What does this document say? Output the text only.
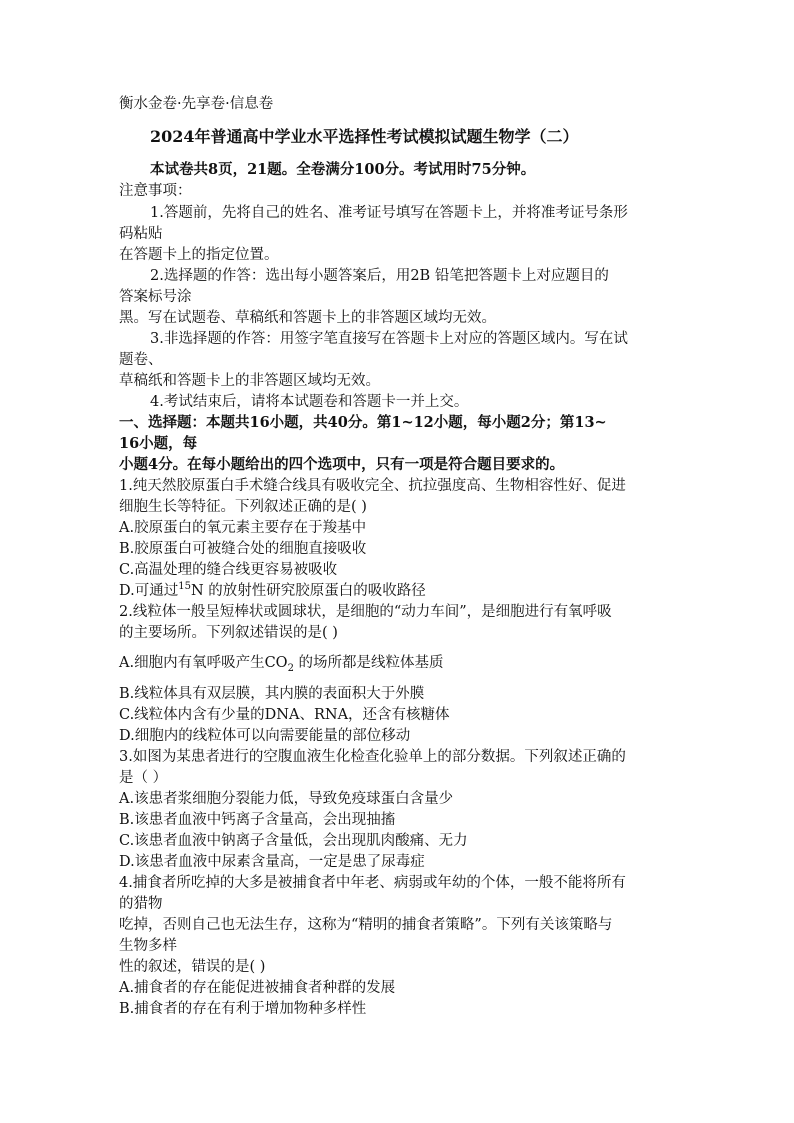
衡水金卷·先享卷·信息卷
2024年普通高中学业水平选择性考试模拟试题生物学（二）
本试卷共8页，21题。全卷满分100分。考试用时75分钟。
注意事项：
1.答题前，先将自己的姓名、准考证号填写在答题卡上，并将准考证号条形
码粘贴
在答题卡上的指定位置。
2.选择题的作答：选出每小题答案后，用2B 铅笔把答题卡上对应题目的
答案标号涂
黑。写在试题卷、草稿纸和答题卡上的非答题区域均无效。
3.非选择题的作答：用签字笔直接写在答题卡上对应的答题区域内。写在试
题卷、
草稿纸和答题卡上的非答题区域均无效。
4.考试结束后，请将本试题卷和答题卡一并上交。
一、选择题：本题共16小题，共40分。第1~12小题，每小题2分；第13~
16小题，每
小题4分。在每小题给出的四个选项中，只有一项是符合题目要求的。
1.纯天然胶原蛋白手术缝合线具有吸收完全、抗拉强度高、生物相容性好、促进
细胞生长等特征。下列叙述正确的是( )
A.胶原蛋白的氧元素主要存在于羧基中
B.胶原蛋白可被缝合处的细胞直接吸收
C.高温处理的缝合线更容易被吸收
D.可通过$^{15}$N 的放射性研究胶原蛋白的吸收路径
2.线粒体一般呈短棒状或圆球状，是细胞的“动力车间”，是细胞进行有氧呼吸
的主要场所。下列叙述错误的是( )
A.细胞内有氧呼吸产生$CO_2$ 的场所都是线粒体基质
B.线粒体具有双层膜，其内膜的表面积大于外膜
C.线粒体内含有少量的DNA、RNA，还含有核糖体
D.细胞内的线粒体可以向需要能量的部位移动
3.如图为某患者进行的空腹血液生化检查化验单上的部分数据。下列叙述正确的
是（ ）
A.该患者浆细胞分裂能力低，导致免疫球蛋白含量少
B.该患者血液中钙离子含量高，会出现抽搐
C.该患者血液中钠离子含量低，会出现肌肉酸痛、无力
D.该患者血液中尿素含量高，一定是患了尿毒症
4.捕食者所吃掉的大多是被捕食者中年老、病弱或年幼的个体，一般不能将所有
的猎物
吃掉，否则自己也无法生存，这称为“精明的捕食者策略”。下列有关该策略与
生物多样
性的叙述，错误的是( )
A.捕食者的存在能促进被捕食者种群的发展
B.捕食者的存在有利于增加物种多样性
